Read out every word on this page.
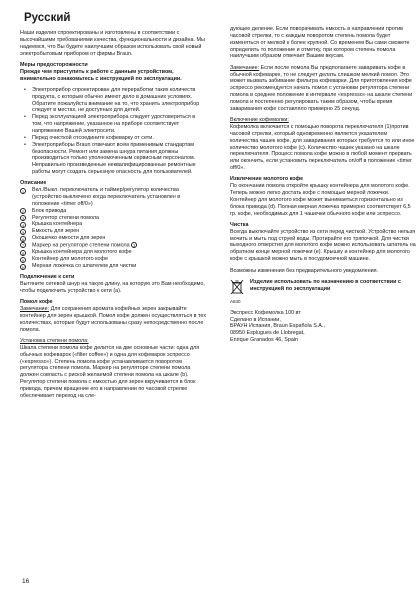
Русский

Наши изделия спроектированы и изготовлены в соответствии с высочайшими требованиями качества, функциональности и дизайна. Мы надеемся, что Вы будете наилучшим образом использовать свой новый электробытовым прибором от фирмы Braun.

Меры предосторожности

Прежде чем приступить к работе с данным устройством, внимательно ознакомьтесь с инструкцией по эксплуатации.

• Электроприбор спроектирован для переработки таких количеств продукта, с которым обычно имеют дело в домашних условиях. Обратите пожалуйста внимание на то, что хранить электроприбор следует в местах, не доступных для детей.
• Перед эксплуатацией электроприбора следует удостовериться в том, что напряжение, указанное на приборе соответствует напряжению Вашей электросети.
• Перед очисткой отсоедините кофеварку от сети.
• Электроприборы Braun отвечают всем применимым стандартам безопасности. Ремонт или замена шнура питания должны производиться только уполномоченным сервисным персоналом. Неправильно произведенные неквалифицированные ремонтные работы могут создать серьезную опасность для пользователей.
Описание
1	Вкл./Выкл. переключатель и таймер/регулятор количества (устройство выключено когда переключатель установлен в положение «timer off/0»)
2	Блок привода
3	Регулятор степени помола
4	Крышка контейнера
5	Емкость для зерен
6	Окошечко емкости для зерен
7	Маркер на регуляторе степени помола 3
8	Крышка контейнера для молотого кофе
9	Контейнер для молотого кофе
10 Мерная ложечка со шпателем для чистки
Подключение к сети

Вытяните сетевой шнур на такую длину, на которую это Вам необходимо, чтобы подключить устройство к сети (a).

Помол кофе

Замечание: Для сохранения аромата кофейных зерен закрывайте контейнер для зерен крышкой. Помол кофе должен осуществляться в тех количествах, которые будут использованы сразу непосредственно после помола.

Установка степени помола:

Шкала степени помола кофе делится на две основные части: одна для обычных кофеварок («filter coffee») и одна для кофеварок эспрессо («espresso»). Степень помола кофе устанавливается поворотом регулятора степени помола. Маркер на регуляторе степени помола должен совпасть с риской желаемой степени помола на шкале (b). Регулятор степени помола с емкостью для зерен вкручивается в блок привода, причем вращение его в направлении по часовой стрелке обеспечивает переход на сле-

дующее деление. Если поворачивать емкость в направлении против часовой стрелки, то с каждым поворотом степень помола будет изменяться от мелкой к более крупной. Со временем Вы сами сможете определить то положение и отметку, при котором степень помола наилучшим образом отвечает Вашим вкусам.

Замечание: Если после помола Вы предполагаете заваривать кофе в обычной кофеварке, то не следует делать слишком мелкий помол. Это может вызвать забивание фильтра кофеварки. Для приготовления кофе эспрессо рекомендуется начать помол с установки регулятора степени помола в среднее положение в интервале «espresso» на шкале степени помола и постепенно регулировать таким образом, чтобы время заваривания кофе составляло примерно 25 секунд.

Включение кофемолки:

Кофемолка включается с помощью поворота переключателя (1)против часовой стрелки, который одновременно является указателем количества чашек кофе, для заваривания которых требуется то или иное количество молотого кофе (c). Количество чашек указано на шкале переключателя. Процесс помола кофе можно в любой момент прервать или окончить, если установить переключатель on/off в положение «timer off/0».

Извлечение молотого кофе
По окончании помола откройте крышку контейнера для молотого кофе. Теперь можно легко достать кофе с помощью мерной ложечки.

Контейнер для молотого кофе может вынимаеться горизонтально из блока привода (d). Полная мерная ложечка примерно соответствует 6,5 гр. кофе, необходимых для 1 чашечки обычного кофе или эспрессо.

Чистка

Всегда выключайте устройство из сети перед чисткой. Устройство нельзя мочить и мыть под струей воды. Протирайте его тряпочкой. Для чистки выходного отверстия для молотого кофе можно использовать шпатель на обратном конце мерной ложечки (e). Крышку и контейнер для молотого кофе с крышкой можно мыть в посудомоечной машине.

Возможны изменения без предварительного уведомления.

Изделие использовать по назначению в соответствии с инструкцией по эксплуатации
A840
Экспресс Кофемолка 100 вт
Сделано в Испании,
БРАУН Испания, Braun Española S.A.,
08950 Esplugues de Llobregat,
Enrique Granados 46, Spain
16
